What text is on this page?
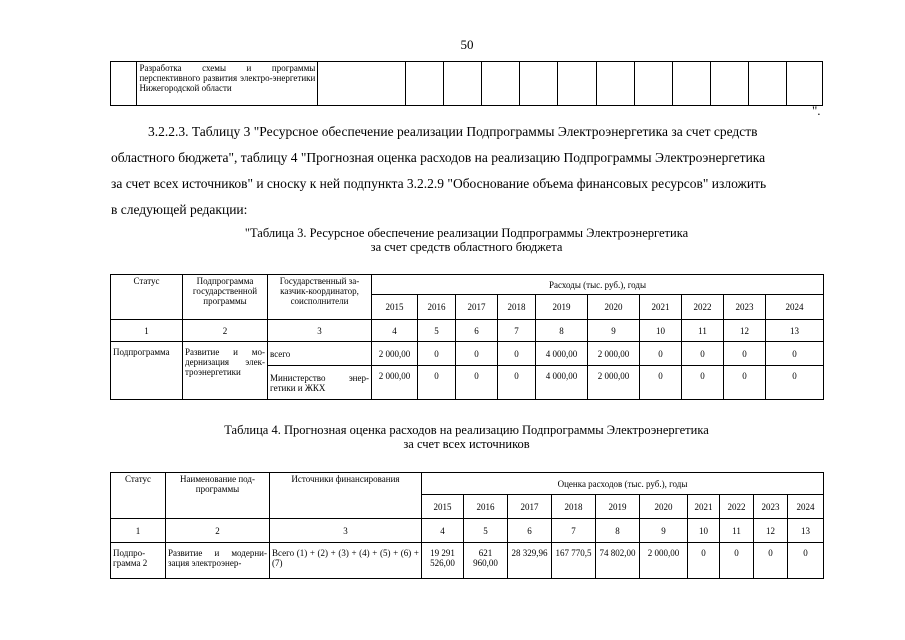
50
	Разработка схемы и программы перспективного развития электро-энергетики Нижегородской области												
".
3.2.2.3. Таблицу 3 "Ресурсное обеспечение реализации Подпрограммы Электроэнергетика за счет средств
областного бюджета", таблицу 4 "Прогнозная оценка расходов на реализацию Подпрограммы Электроэнергетика
за счет всех источников" и сноску к ней подпункта 3.2.2.9 "Обоснование объема финансовых ресурсов" изложить
в следующей редакции:
"Таблица 3. Ресурсное обеспечение реализации Подпрограммы Электроэнергетика
за счет средств областного бюджета
Статус	Подпрограмма государственной программы	Государственный за-казчик-координатор, соисполнители	Расходы (тыс. руб.), годы									
			2015	2016	2017	2018	2019	2020	2021	2022	2023	2024
1	2	3	4	5	6	7	8	9	10	11	12	13
Подпрограмма	Развитие и мо-дернизация элек-троэнергетики	всего	2 000,00	0	0	0	4 000,00	2 000,00	0	0	0	0
		Министерство энер-гетики и ЖКХ	2 000,00	0	0	0	4 000,00	2 000,00	0	0	0	0
Таблица 4. Прогнозная оценка расходов на реализацию Подпрограммы Электроэнергетика
за счет всех источников
Статус	Наименование под-программы	Источники финансирования	Оценка расходов (тыс. руб.), годы									
			2015	2016	2017	2018	2019	2020	2021	2022	2023	2024
1	2	3	4	5	6	7	8	9	10	11	12	13
Подпро-грамма 2	Развитие и модерни-зация электроэнер-	Всего (1) + (2) + (3) + (4) + (5) + (6) + (7)	19 291 526,00	621 960,00	28 329,96	167 770,5	74 802,00	2 000,00	0	0	0	0
